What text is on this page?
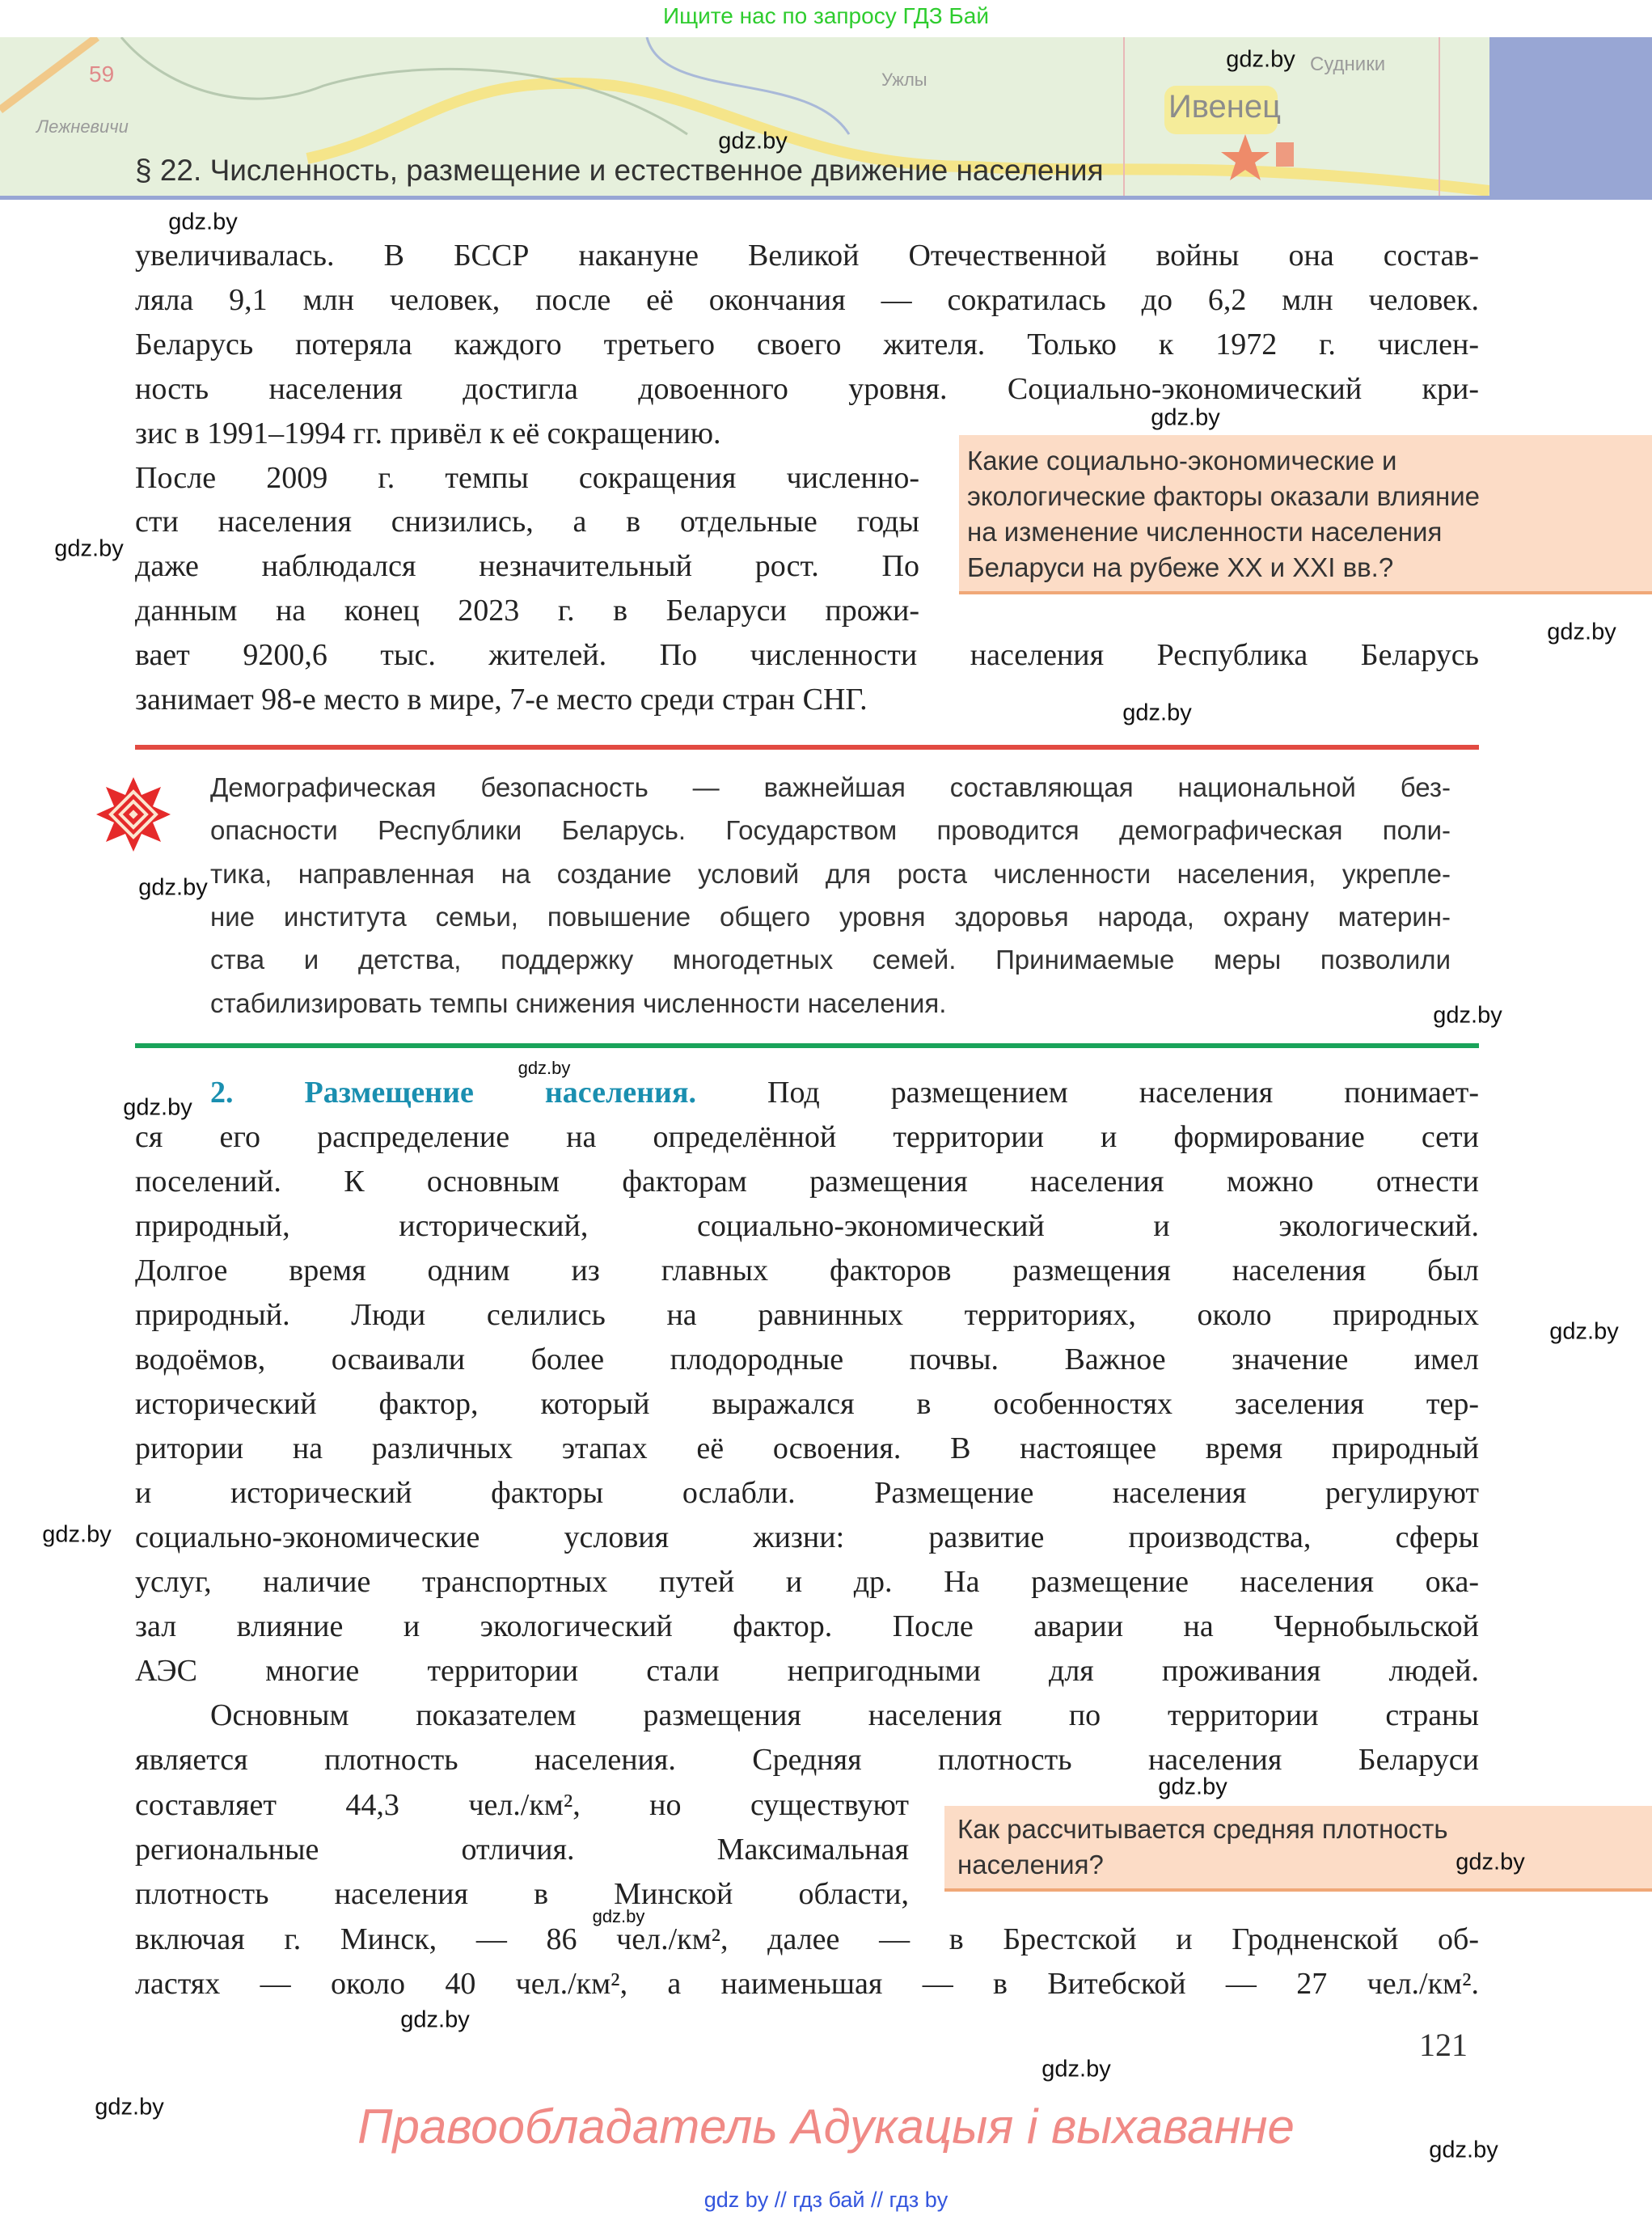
Ищите нас по запросу ГДЗ Бай
Ивенец
Судники
Ужлы
Лежневичи
59
§ 22. Численность, размещение и естественное движение населения
увеличивалась. В БССР накануне Великой Отечественной войны она состав-
ляла 9,1 млн человек, после её окончания — сократилась до 6,2 млн человек.
Беларусь потеряла каждого третьего своего жителя. Только к 1972 г. числен-
ность населения достигла довоенного уровня. Социально-экономический кри-
зис в 1991–1994 гг. привёл к её сокращению.
После 2009 г. темпы сокращения численно-
сти населения снизились, а в отдельные годы
даже наблюдался незначительный рост. По
данным на конец 2023 г. в Беларуси прожи-
вает 9200,6 тыс. жителей. По численности населения Республика Беларусь
занимает 98-е место в мире, 7-е место среди стран СНГ.
Какие социально-экономические и
экологические факторы оказали влияние
на изменение численности населения
Беларуси на рубеже XX и XXI вв.?
Демографическая безопасность — важнейшая составляющая национальной без-
опасности Республики Беларусь. Государством проводится демографическая поли-
тика, направленная на создание условий для роста численности населения, укрепле-
ние института семьи, повышение общего уровня здоровья народа, охрану материн-
ства и детства, поддержку многодетных семей. Принимаемые меры позволили
стабилизировать темпы снижения численности населения.
2. Размещение населения. Под размещением населения понимает-
ся его распределение на определённой территории и формирование сети
поселений. К основным факторам размещения населения можно отнести
природный, исторический, социально-экономический и экологический.
Долгое время одним из главных факторов размещения населения был
природный. Люди селились на равнинных территориях, около природных
водоёмов, осваивали более плодородные почвы. Важное значение имел
исторический фактор, который выражался в особенностях заселения тер-
ритории на различных этапах её освоения. В настоящее время природный
и исторический факторы ослабли. Размещение населения регулируют
социально-экономические условия жизни: развитие производства, сферы
услуг, наличие транспортных путей и др. На размещение населения ока-
зал влияние и экологический фактор. После аварии на Чернобыльской
АЭС многие территории стали непригодными для проживания людей.
Основным показателем размещения населения по территории страны
является плотность населения. Средняя плотность населения Беларуси
составляет 44,3 чел./км², но существуют
региональные отличия. Максимальная
плотность населения в Минской области,
включая г. Минск, — 86 чел./км², далее — в Брестской и Гродненской об-
ластях — около 40 чел./км², а наименьшая — в Витебской — 27 чел./км².
Как рассчитывается средняя плотность
населения?
121
Правообладатель Адукацыя і выхаванне
gdz by // гдз бай // гдз by
gdz.by
gdz.by
gdz.by
gdz.by
gdz.by
gdz.by
gdz.by
gdz.by
gdz.by
gdz.by
gdz.by
gdz.by
gdz.by
gdz.by
gdz.by
gdz.by
gdz.by
gdz.by
gdz.by
gdz.by
